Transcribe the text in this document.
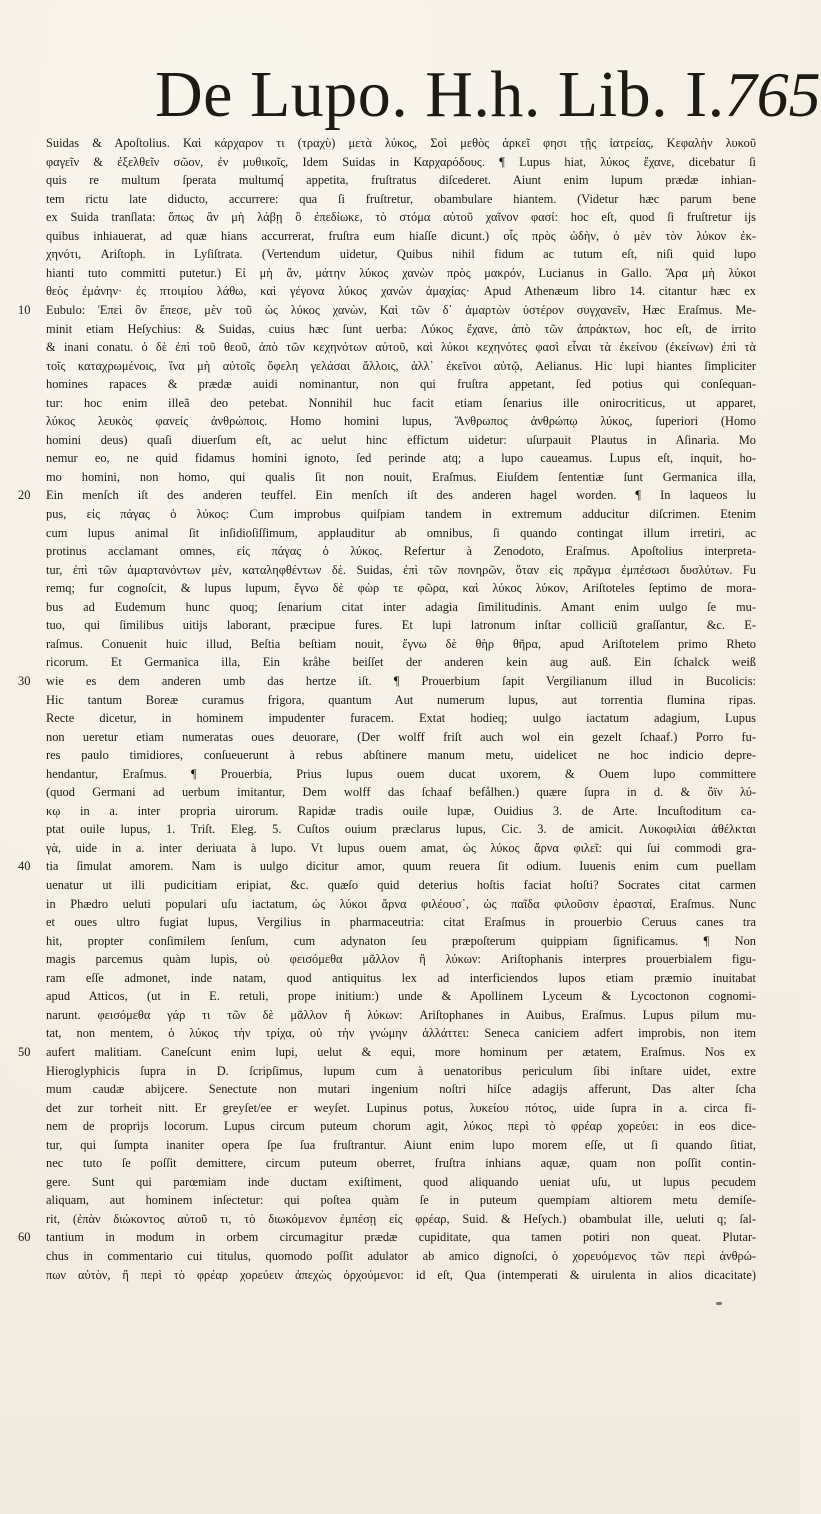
De Lupo. H.h. Lib. I. 765
10
20
30
40
50
60
Suidas & Apoſtolius. Καὶ κάρχαρον τι (τραχὺ) μετὰ λύκος, Σοὶ μεθὸς ἀρκεῖ φησι τῇς ἰατρείας, Κεφαλὴν λυκοῦ
φαγεῖν & ἐξελθεῖν σῶον, ἐν μυθικοῖς, Idem Suidas in Καρχαρόδους. ¶ Lupus hiat, λύκος ἔχανε, dicebatur ſi
quis re multum ſperata multumq́ appetita, fruſtratus diſcederet. Aiunt enim lupum prædæ inhian-
tem rictu late diducto, accurrere: qua ſi fruſtretur, obambulare hiantem. (Videtur hæc parum bene
ex Suida tranſlata: ὅπως ἂν μὴ λάβῃ ὃ ἐπεδίωκε, τὸ στόμα αὐτοῦ χαῖνον φασί: hoc eſt, quod ſi fruſtretur ijs
quibus inhiauerat, ad quæ hians accurrerat, fruſtra eum hiaſſe dicunt.) οἷς πρὸς ὠδὴν, ὁ μὲν τὸν λύκον ἐκ-
χηνότι, Ariſtoph. in Lyſiſtrata. (Vertendum uidetur, Quibus nihil fidum ac tutum eſt, niſi quid lupo
hianti tuto committi putetur.) Εἰ μὴ ἄν, μάτην λύκος χανὼν πρὸς μακρόν, Lucianus in Gallo. Ἄρα μὴ λύκοι
θεὸς ἐμάνην· ἐς πτοιμίου λάθω, καὶ γέγονα λύκος χανὼν ἀμαχίας· Apud Athenæum libro 14. citantur hæc ex
Eubulo: Ἐπεὶ ὃν ἔπεσε, μὲν τοῦ ὡς λύκος χανὼν, Καὶ τῶν δ᾽ ἁμαρτὼν ὑστέρον συγχανεῖν, Hæc Eraſmus. Me-
minit etiam Heſychius: & Suidas, cuius hæc ſunt uerba: Λύκος ἔχανε, ἀπὸ τῶν ἀπράκτων, hoc eſt, de irrito
& inani conatu. ὁ δὲ ἐπὶ τοῦ θεοῦ, ἀπὸ τῶν κεχηνότων αὐτοῦ, καὶ λύκοι κεχηνότες φασὶ εἶναι τὰ ἐκείνου (ἐκείνων) ἐπὶ τὰ
τοῖς καταχρωμένοις, ἵνα μὴ αὐτοῖς ὅφελη γελάσαι ἄλλοις, ἀλλ᾽ ἐκεῖνοι αὐτῷ, Aelianus. Hic lupi hiantes ſimpliciter
homines rapaces & prædæ auidi nominantur, non qui fruſtra appetant, ſed potius qui conſequan-
tur: hoc enim illeã deo petebat. Nonnihil huc facit etiam ſenarius ille onirocriticus, ut apparet,
λύκος λευκὸς φανείς ἀνθρώποις. Homo homini lupus, Ἄνθρωπος ἀνθρώπῳ λύκος, ſuperiori (Homo
homini deus) quaſi diuerſum eſt, ac uelut hinc effictum uidetur: uſurpauit Plautus in Aſinaria. Mo
nemur eo, ne quid fidamus homini ignoto, ſed perinde atq; a lupo caueamus. Lupus eſt, inquit, ho-
mo homini, non homo, qui qualis ſit non nouit, Eraſmus. Eiuſdem ſententiæ ſunt Germanica illa,
Ein menſch iſt des anderen teuffel. Ein menſch iſt des anderen hagel worden. ¶ In laqueos lu
pus, εἰς πάγας ὁ λύκος: Cum improbus quiſpiam tandem in extremum adducitur diſcrimen. Etenim
cum lupus animal ſit inſidioſiſſimum, applauditur ab omnibus, ſi quando contingat illum irretiri, ac
protinus acclamant omnes, εἰς πάγας ὁ λύκος. Refertur à Zenodoto, Eraſmus. Apoſtolius interpreta-
tur, ἐπὶ τῶν ἁμαρτανόντων μὲν, καταληφθέντων δὲ. Suidas, ἐπὶ τῶν πονηρῶν, ὅταν εἰς πρᾶγμα ἐμπέσωσι δυσλύτων. Fu
remq; fur cognoſcit, & lupus lupum, ἔγνω δὲ φὼρ τε φῶρα, καὶ λύκος λύκον, Ariſtoteles ſeptimo de mora-
bus ad Eudemum hunc quoq; ſenarium citat inter adagia ſimilitudinis. Amant enim uulgo ſe mu-
tuo, qui ſimilibus uitijs laborant, præcipue fures. Et lupi latronum inſtar colliciũ graſſantur, &c. E-
raſmus. Conuenit huic illud, Beſtia beſtiam nouit, ἔγνω δὲ θὴρ θῆρα, apud Ariſtotelem primo Rheto
ricorum. Et Germanica illa, Ein kråhe beiſſet der anderen kein aug auß. Ein ſchalck weiß
wie es dem anderen umb das hertze iſt. ¶ Prouerbium ſapit Vergilianum illud in Bucolicis:
Hic tantum Boreæ curamus frigora, quantum Aut numerum lupus, aut torrentia flumina ripas.
Recte dicetur, in hominem impudenter furacem. Extat hodieq; uulgo iactatum adagium, Lupus
non ueretur etiam numeratas oues deuorare, (Der wolff friſt auch wol ein gezelt ſchaaf.) Porro fu-
res paulo timidiores, conſueuerunt à rebus abſtinere manum metu, uidelicet ne hoc indicio depre-
hendantur, Eraſmus. ¶ Prouerbia, Prius lupus ouem ducat uxorem, & Ouem lupo committere
(quod Germani ad uerbum imitantur, Dem wolff das ſchaaf befålhen.) quære ſupra in d. & ὄϊν λύ-
κῳ in a. inter propria uirorum. Rapidæ tradis ouile lupæ, Ouidius 3. de Arte. Incuſtoditum ca-
ptat ouile lupus, 1. Triſt. Eleg. 5. Cuſtos ouium præclarus lupus, Cic. 3. de amicit. Λυκοφιλίαι ἀθέλκται
γὰ, uide in a. inter deriuata à lupo. Vt lupus ouem amat, ὡς λύκος ἄρνα φιλεῖ: qui ſui commodi gra-
tia ſimulat amorem. Nam is uulgo dicitur amor, quum reuera ſit odium. Iuuenis enim cum puellam
uenatur ut illi pudicitiam eripiat, &c. quæſo quid deterius hoſtis faciat hoſti? Socrates citat carmen
in Phædro ueluti populari uſu iactatum, ὡς λύκοι ἄρνα φιλέουσ᾽, ὡς παῖδα φιλοῦσιν ἐρασταί, Eraſmus. Nunc
et oues ultro fugiat lupus, Vergilius in pharmaceutria: citat Eraſmus in prouerbio Ceruus canes tra
hit, propter conſimilem ſenſum, cum adynaton ſeu præpoſterum quippiam ſignificamus. ¶ Non
magis parcemus quàm lupis, οὐ φεισόμεθα μᾶλλον ἢ λύκων: Ariſtophanis interpres prouerbialem figu-
ram eſſe admonet, inde natam, quod antiquitus lex ad interficiendos lupos etiam præmio inuitabat
apud Atticos, (ut in E. retuli, prope initium:) unde & Apollinem Lyceum & Lycoctonon cognomi-
narunt. φεισόμεθα γάρ τι τῶν δὲ μᾶλλον ἢ λύκων: Ariſtophanes in Auibus, Eraſmus. Lupus pilum mu-
tat, non mentem, ὁ λύκος τὴν τρίχα, οὐ τὴν γνώμην ἀλλάττει: Seneca caniciem adfert improbis, non item
aufert malitiam. Caneſcunt enim lupi, uelut & equi, more hominum per ætatem, Eraſmus. Nos ex
Hieroglyphicis ſupra in D. ſcripſimus, lupum cum à uenatoribus periculum ſibi inſtare uidet, extre
mum caudæ abijcere. Senectute non mutari ingenium noſtri hiſce adagijs afferunt, Das alter ſcha
det zur torheit nitt. Er greyſet/ee er weyſet. Lupinus potus, λυκείου πότος, uide ſupra in a. circa fi-
nem de proprijs locorum. Lupus circum puteum chorum agit, λύκος περὶ τὸ φρέαρ χορεύει: in eos dice-
tur, qui ſumpta inaniter opera ſpe ſua fruſtrantur. Aiunt enim lupo morem eſſe, ut ſi quando ſitiat,
nec tuto ſe poſſit demittere, circum puteum oberret, fruſtra inhians aquæ, quam non poſſit contin-
gere. Sunt qui parœmiam inde ductam exiſtiment, quod aliquando ueniat uſu, ut lupus pecudem
aliquam, aut hominem inſectetur: qui poſtea quàm ſe in puteum quempiam altiorem metu demiſe-
rit, (ἐπὰν διώκοντος αὐτοῦ τι, τὸ διωκόμενον ἐμπέσῃ εἰς φρέαρ, Suid. & Heſych.) obambulat ille, ueluti q; ſal-
tantium in modum in orbem circumagitur prædæ cupiditate, qua tamen potiri non queat. Plutar-
chus in commentario cui titulus, quomodo poſſit adulator ab amico dignoſci, ὁ χορευόμενος τῶν περὶ ἀνθρώ-
πων αὐτὸν, ἢ περὶ τὸ φρέαρ χορεύειν ἀπεχὼς ὀρχούμενοι: id eſt, Qua (intemperati & uirulenta in alios dicacitate)
